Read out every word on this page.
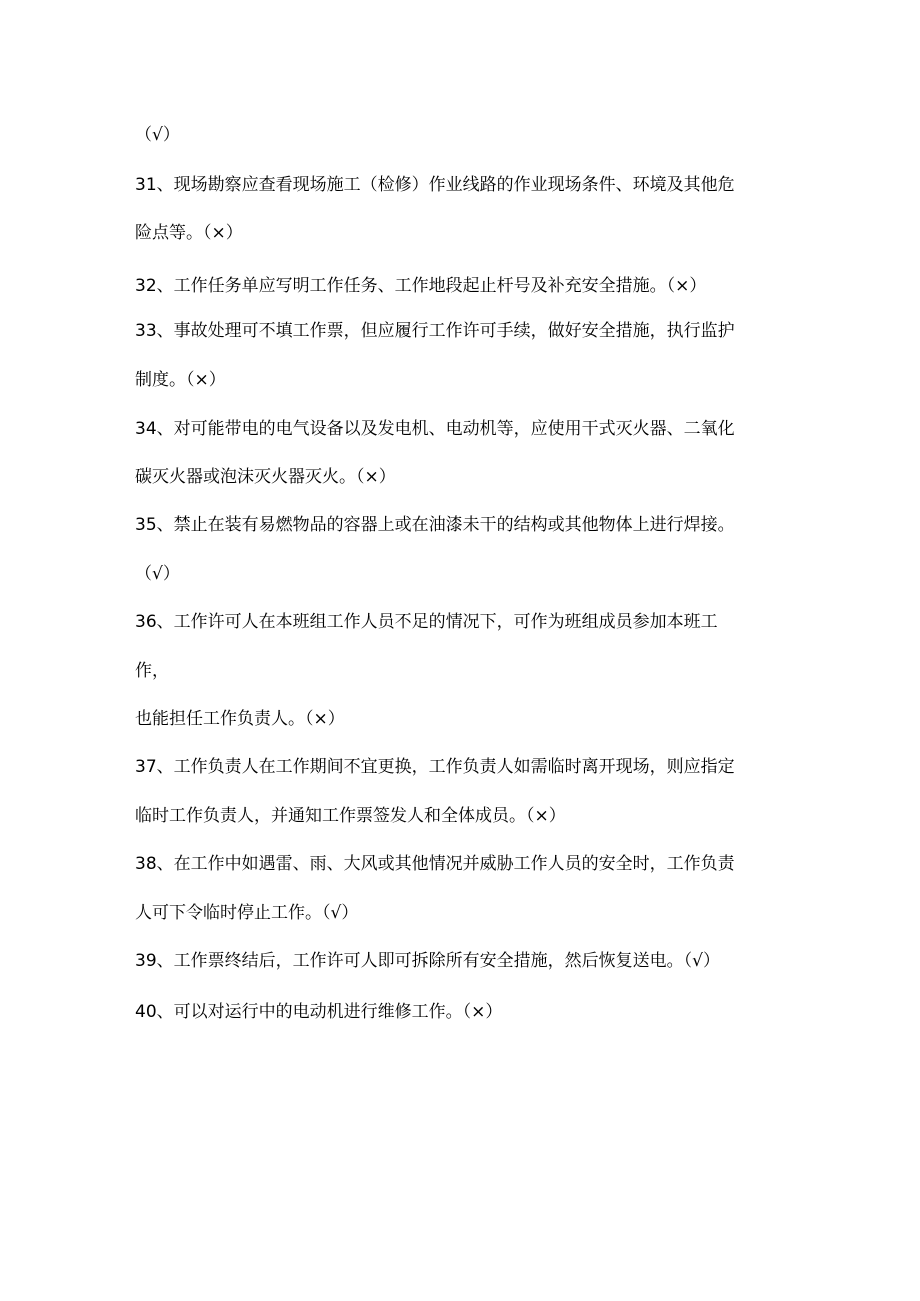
（√）
31、现场勘察应查看现场施工（检修）作业线路的作业现场条件、环境及其他危
险点等。（×）
32、工作任务单应写明工作任务、工作地段起止杆号及补充安全措施。（×）
33、事故处理可不填工作票，但应履行工作许可手续，做好安全措施，执行监护
制度。（×）
34、对可能带电的电气设备以及发电机、电动机等，应使用干式灭火器、二氧化
碳灭火器或泡沫灭火器灭火。（×）
35、禁止在装有易燃物品的容器上或在油漆未干的结构或其他物体上进行焊接。
（√）
36、工作许可人在本班组工作人员不足的情况下，可作为班组成员参加本班工
作，
也能担任工作负责人。（×）
37、工作负责人在工作期间不宜更换，工作负责人如需临时离开现场，则应指定
临时工作负责人，并通知工作票签发人和全体成员。（×）
38、在工作中如遇雷、雨、大风或其他情况并威胁工作人员的安全时，工作负责
人可下令临时停止工作。（√）
39、工作票终结后，工作许可人即可拆除所有安全措施，然后恢复送电。（√）
40、可以对运行中的电动机进行维修工作。（×）
